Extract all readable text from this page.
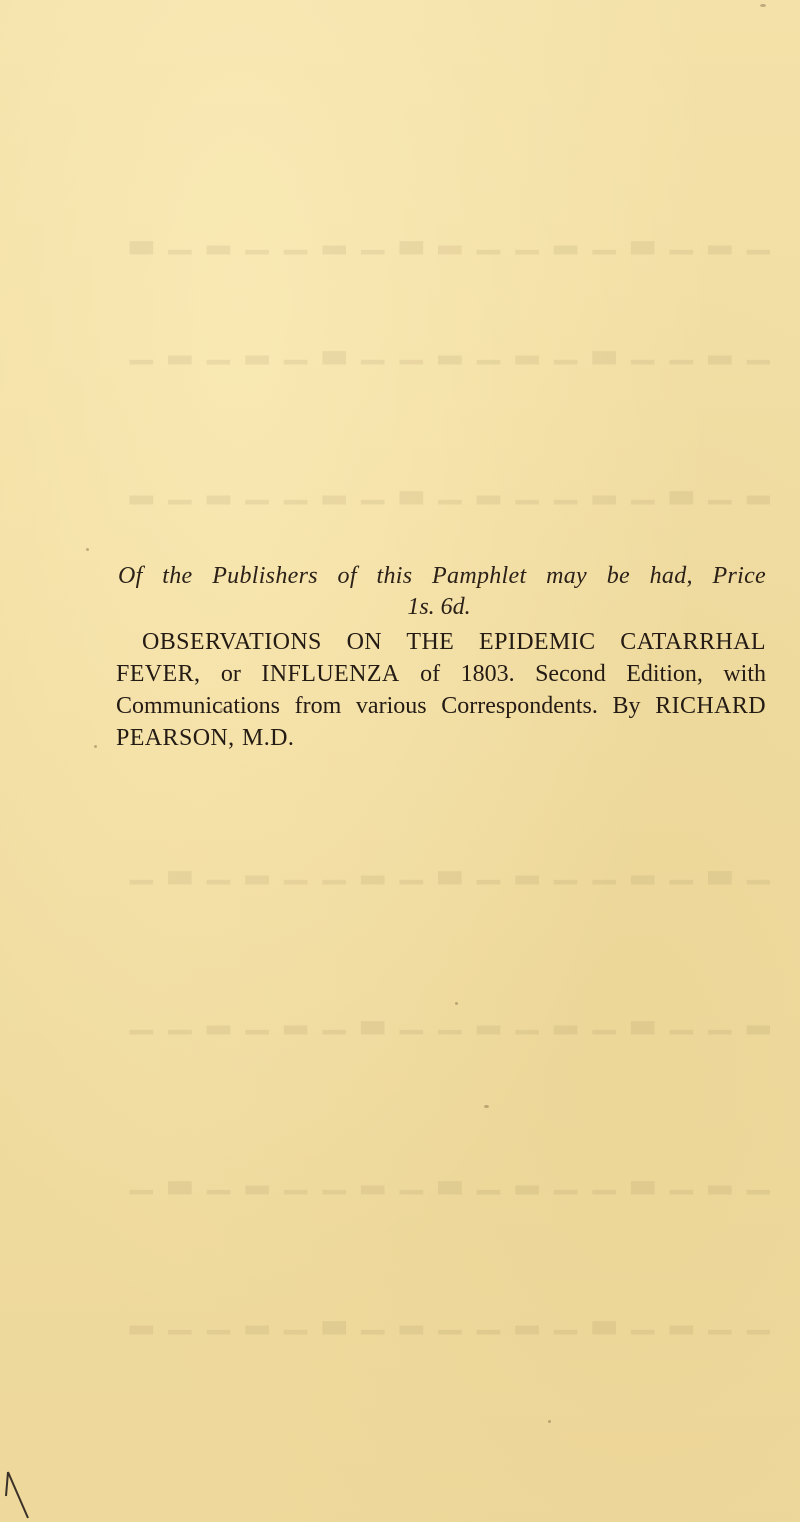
▁ ▂ ▁ ▃ ▁ ▂ ▁ ▁ ▂ ▃ ▁ ▂ ▁ ▁ ▂ ▁ ▃
▁ ▂ ▁ ▁ ▃ ▁ ▂ ▁ ▂ ▁ ▁ ▃ ▁ ▂ ▁ ▂ ▁
▂ ▁ ▃ ▁ ▂ ▁ ▁ ▂ ▁ ▃ ▁ ▂ ▁ ▁ ▂ ▁ ▂
▁ ▃ ▁ ▂ ▁ ▁ ▂ ▁ ▃ ▁ ▂ ▁ ▁ ▂ ▁ ▃ ▁
▂ ▁ ▁ ▃ ▁ ▂ ▁ ▂ ▁ ▁ ▃ ▁ ▂ ▁ ▂ ▁ ▁
▁ ▂ ▁ ▃ ▁ ▁ ▂ ▁ ▃ ▁ ▂ ▁ ▁ ▂ ▁ ▃ ▁
▁ ▁ ▂ ▁ ▃ ▁ ▂ ▁ ▁ ▂ ▁ ▃ ▁ ▂ ▁ ▁ ▂
Of the Publishers of this Pamphlet may be had, Price
1s. 6d.
OBSERVATIONS ON THE EPIDEMIC CATARRHAL FEVER, or INFLUENZA of 1803. Second Edition, with Communications from various Correspondents. By RICHARD PEARSON, M.D.
